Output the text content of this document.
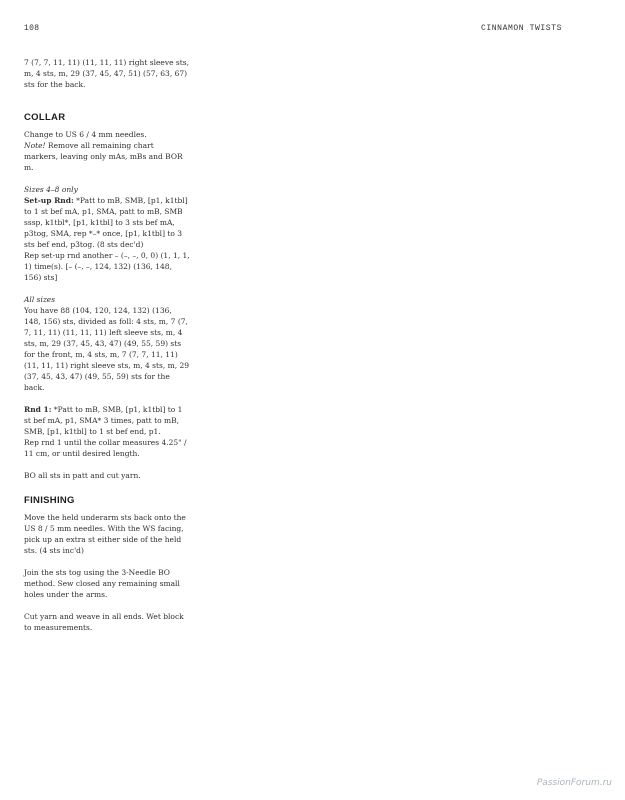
108	CINNAMON TWISTS

7 (7, 7, 11, 11) (11, 11, 11) right sleeve sts, m, 4 sts, m, 29 (37, 45, 47, 51) (57, 63, 67) sts for the back.

COLLAR

Change to US 6 / 4 mm needles.

Note! Remove all remaining chart markers, leaving only mAs, mBs and BOR m.

Sizes 4–8 only

Set-up Rnd: *Patt to mB, SMB, [p1, k1tbl] to 1 st bef mA, p1, SMA, patt to mB, SMB sssp, k1tbl*, [p1, k1tbl] to 3 sts bef mA, p3tog, SMA, rep *–* once, [p1, k1tbl] to 3 sts bef end, p3tog. (8 sts dec'd)

Rep set-up rnd another – (–, –, 0, 0) (1, 1, 1, 1) time(s). [– (–, –, 124, 132) (136, 148, 156) sts]

All sizes

You have 88 (104, 120, 124, 132) (136, 148, 156) sts, divided as foll: 4 sts, m, 7 (7, 7, 11, 11) (11, 11, 11) left sleeve sts, m, 4 sts, m, 29 (37, 45, 43, 47) (49, 55, 59) sts for the front, m, 4 sts, m, 7 (7, 7, 11, 11) (11, 11, 11) right sleeve sts, m, 4 sts, m, 29 (37, 45, 43, 47) (49, 55, 59) sts for the back.

Rnd 1: *Patt to mB, SMB, [p1, k1tbl] to 1 st bef mA, p1, SMA* 3 times, patt to mB, SMB, [p1, k1tbl] to 1 st bef end, p1.

Rep rnd 1 until the collar measures 4.25" / 11 cm, or until desired length.

BO all sts in patt and cut yarn.

FINISHING

Move the held underarm sts back onto the US 8 / 5 mm needles. With the WS facing, pick up an extra st either side of the held sts. (4 sts inc'd)

Join the sts tog using the 3-Needle BO method. Sew closed any remaining small holes under the arms.

Cut yarn and weave in all ends. Wet block to measurements.

PassionForum.ru
